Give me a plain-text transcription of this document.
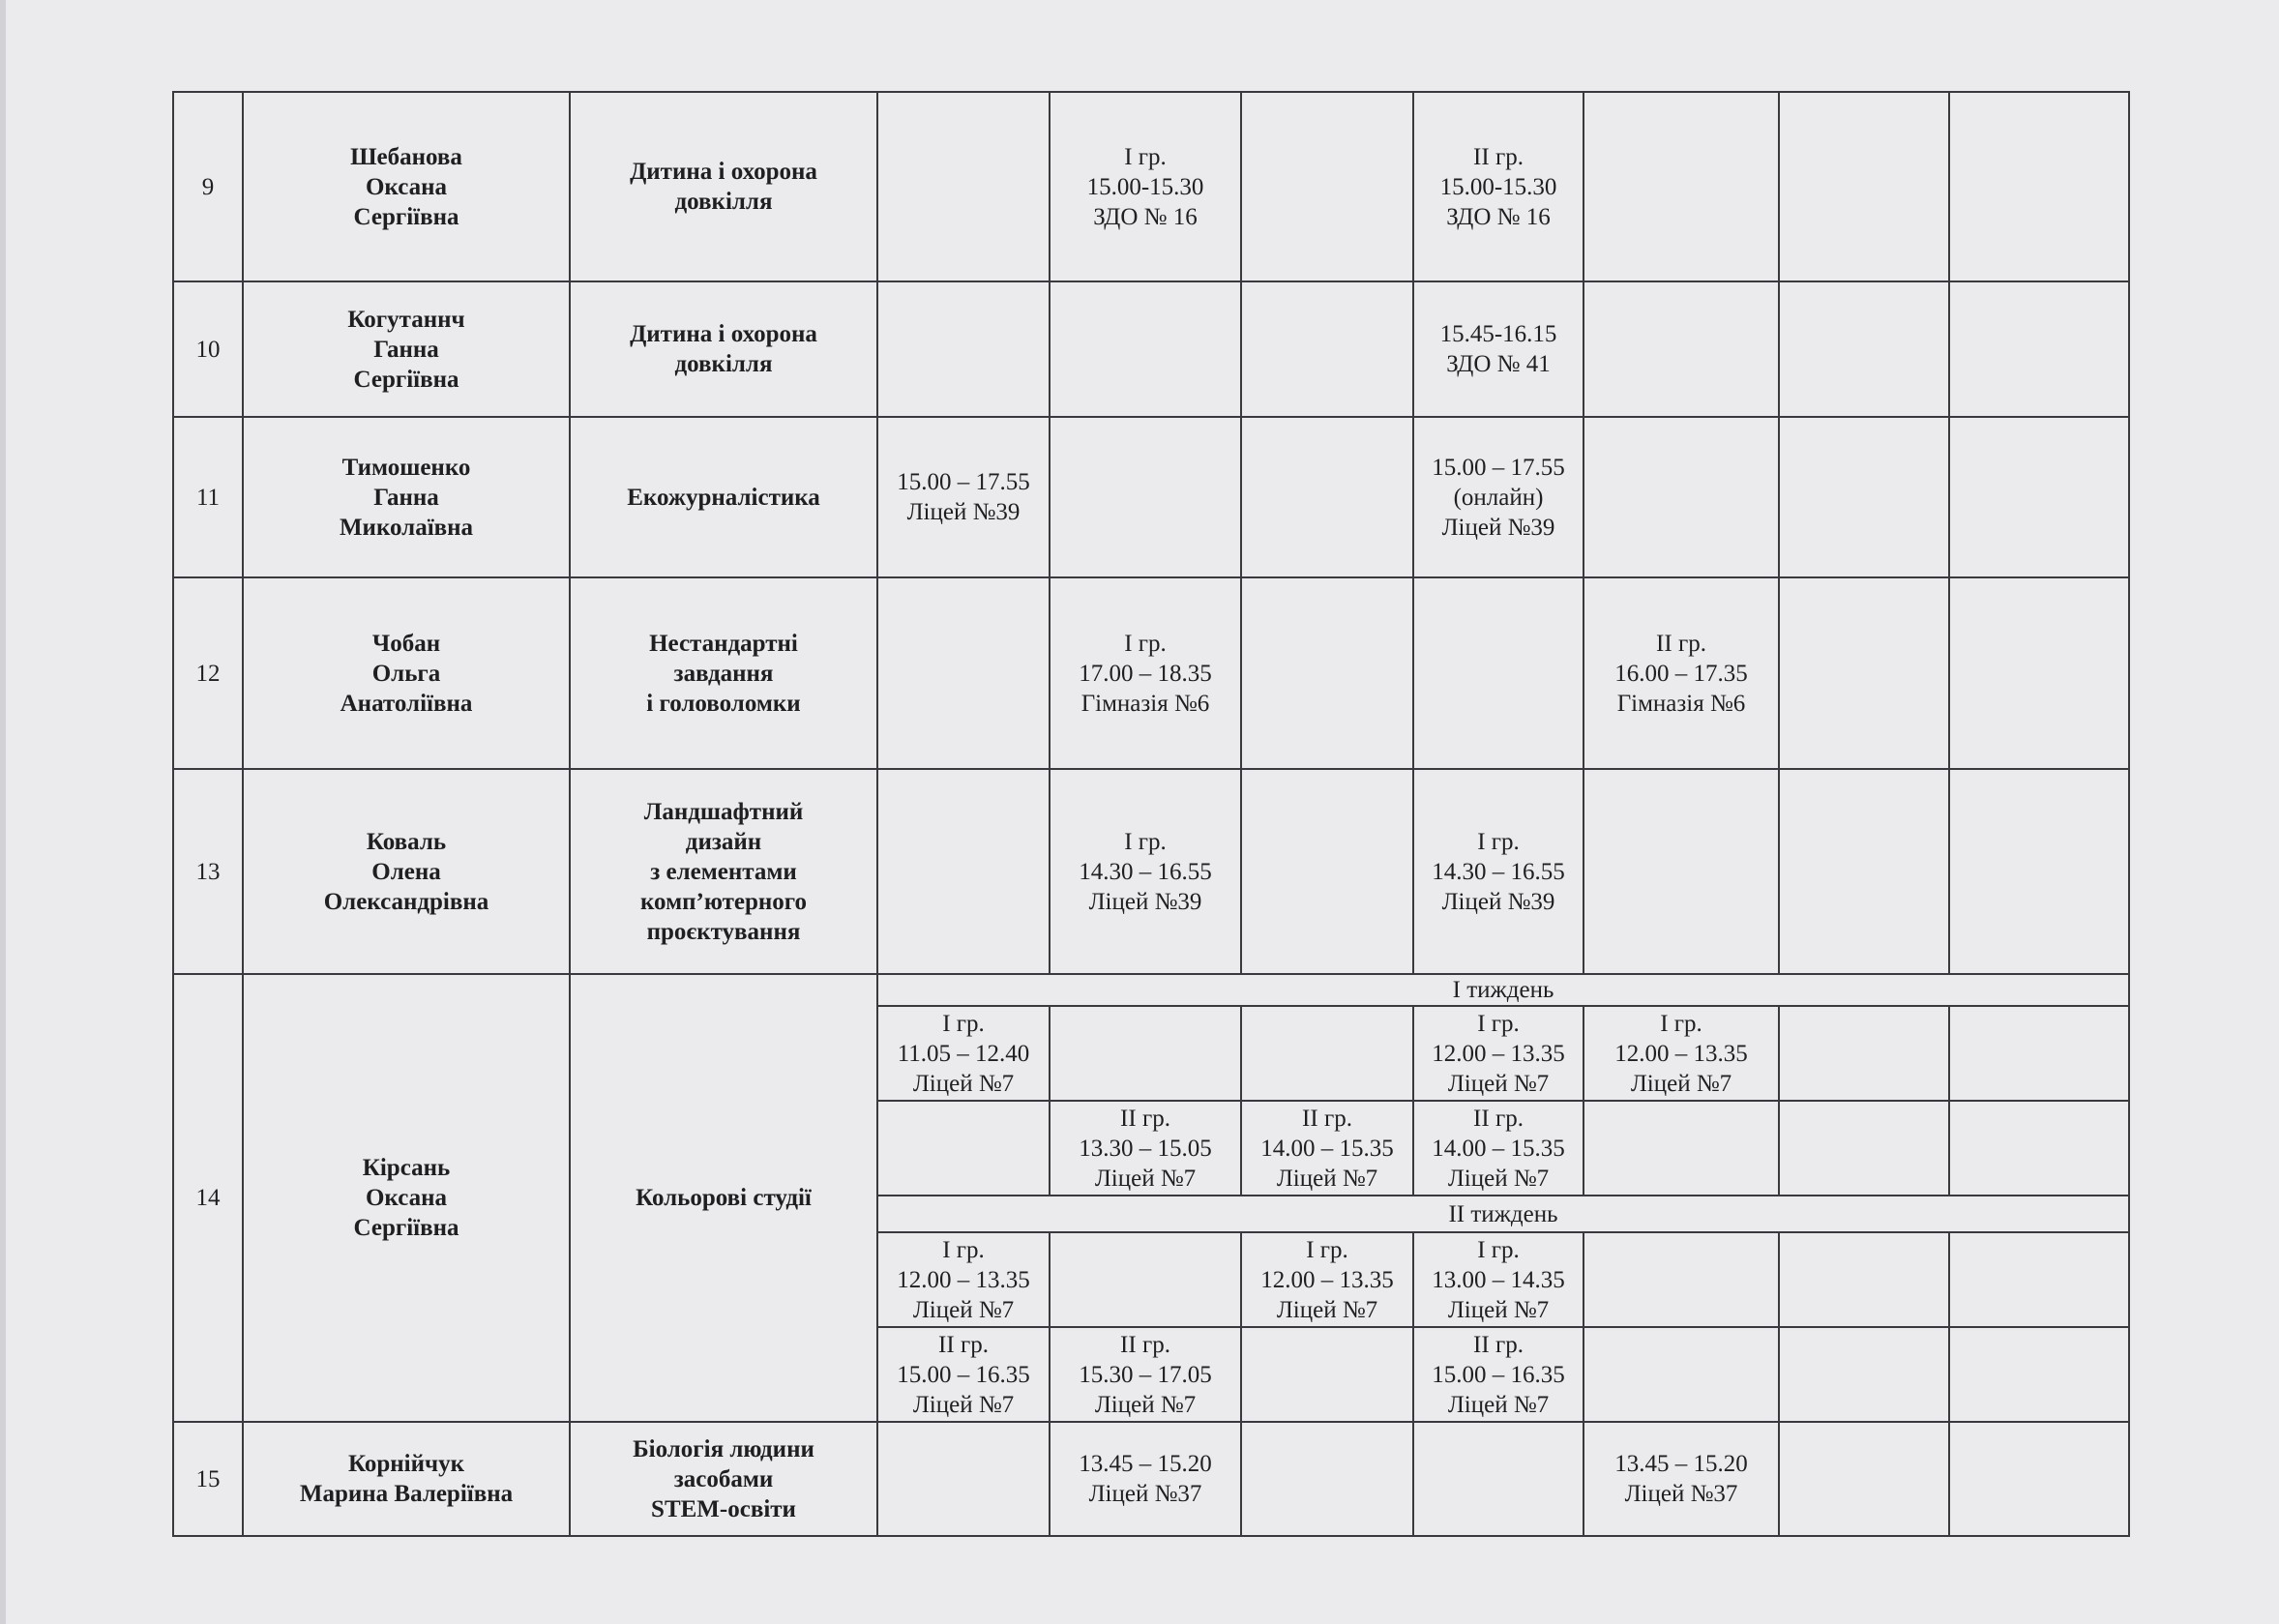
9	Шебанова
Оксана
Сергіївна	Дитина і охорона
довкілля		І гр.
15.00-15.30
ЗДО № 16		ІІ гр.
15.00-15.30
ЗДО № 16			

10	Когутаннч
Ганна
Сергіївна	Дитина і охорона
довкілля				15.45-16.15
ЗДО № 41			

11	Тимошенко
Ганна
Миколаївна	Екожурналістика	15.00 – 17.55
Ліцей №39			15.00 – 17.55
(онлайн)
Ліцей №39			

12	Чобан
Ольга
Анатоліївна	Нестандартні
завдання
і головоломки		І гр.
17.00 – 18.35
Гімназія №6			ІІ гр.
16.00 – 17.35
Гімназія №6		

13	Коваль
Олена
Олександрівна	Ландшафтний
дизайн
з елементами
комп’ютерного
проєктування		І гр.
14.30 – 16.55
Ліцей №39		І гр.
14.30 – 16.55
Ліцей №39			

14	Кірсань
Оксана
Сергіївна	Кольорові студії	І тиждень						

			І гр.
11.05 – 12.40
Ліцей №7			І гр.
12.00 – 13.35
Ліцей №7	І гр.
12.00 – 13.35
Ліцей №7		

				ІІ гр.
13.30 – 15.05
Ліцей №7	ІІ гр.
14.00 – 15.35
Ліцей №7	ІІ гр.
14.00 – 15.35
Ліцей №7			

			ІІ тиждень						

			І гр.
12.00 – 13.35
Ліцей №7		І гр.
12.00 – 13.35
Ліцей №7	І гр.
13.00 – 14.35
Ліцей №7			

			ІІ гр.
15.00 – 16.35
Ліцей №7	ІІ гр.
15.30 – 17.05
Ліцей №7		ІІ гр.
15.00 – 16.35
Ліцей №7			

15	Корнійчук
Марина Валеріївна	Біологія людини
засобами
STEM-освіти		13.45 – 15.20
Ліцей №37			13.45 – 15.20
Ліцей №37		
